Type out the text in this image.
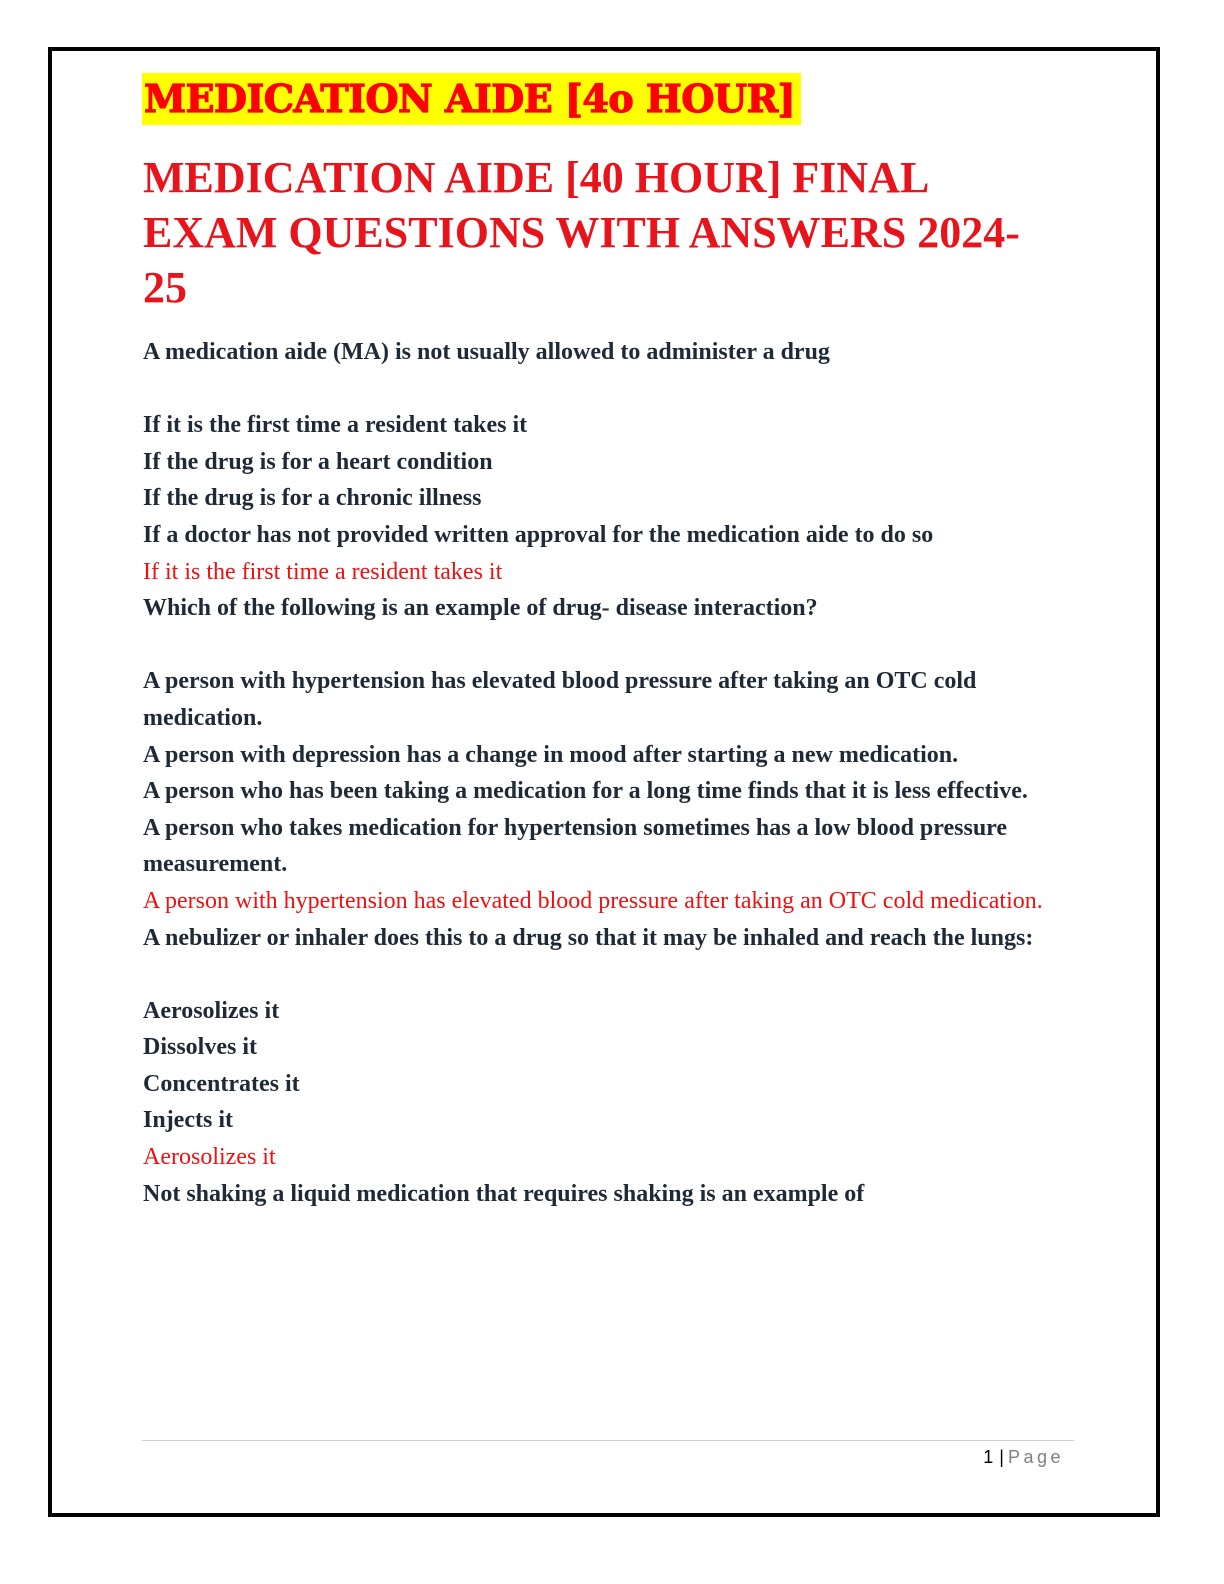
MEDICATION AIDE [4o HOUR]
MEDICATION AIDE [40 HOUR] FINAL EXAM QUESTIONS WITH ANSWERS 2024-25
A medication aide (MA) is not usually allowed to administer a drug
If it is the first time a resident takes it
If the drug is for a heart condition
If the drug is for a chronic illness
If a doctor has not provided written approval for the medication aide to do so
If it is the first time a resident takes it
Which of the following is an example of drug- disease interaction?
A person with hypertension has elevated blood pressure after taking an OTC cold medication.
A person with depression has a change in mood after starting a new medication.
A person who has been taking a medication for a long time finds that it is less effective.
A person who takes medication for hypertension sometimes has a low blood pressure measurement.
A person with hypertension has elevated blood pressure after taking an OTC cold medication.
A nebulizer or inhaler does this to a drug so that it may be inhaled and reach the lungs:
Aerosolizes it
Dissolves it
Concentrates it
Injects it
Aerosolizes it
Not shaking a liquid medication that requires shaking is an example of
1 | Page
